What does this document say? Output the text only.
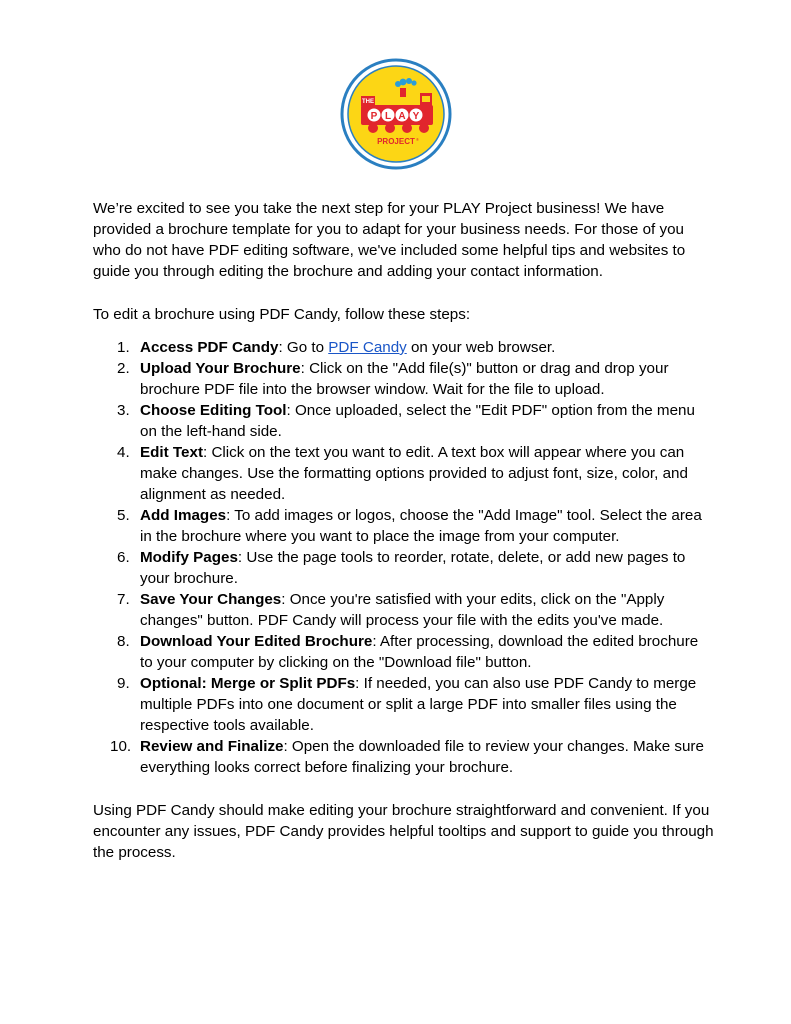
THE
P L A Y
PROJECT ®

We’re excited to see you take the next step for your PLAY Project business! We have provided a brochure template for you to adapt for your business needs. For those of you who do not have PDF editing software, we've included some helpful tips and websites to guide you through editing the brochure and adding your contact information.

To edit a brochure using PDF Candy, follow these steps:

1. Access PDF Candy: Go to PDF Candy on your web browser.
2. Upload Your Brochure: Click on the "Add file(s)" button or drag and drop your brochure PDF file into the browser window. Wait for the file to upload.
3. Choose Editing Tool: Once uploaded, select the "Edit PDF" option from the menu on the left-hand side.
4. Edit Text: Click on the text you want to edit. A text box will appear where you can make changes. Use the formatting options provided to adjust font, size, color, and alignment as needed.
5. Add Images: To add images or logos, choose the "Add Image" tool. Select the area in the brochure where you want to place the image from your computer.
6. Modify Pages: Use the page tools to reorder, rotate, delete, or add new pages to your brochure.
7. Save Your Changes: Once you're satisfied with your edits, click on the "Apply changes" button. PDF Candy will process your file with the edits you've made.
8. Download Your Edited Brochure: After processing, download the edited brochure to your computer by clicking on the "Download file" button.
9. Optional: Merge or Split PDFs: If needed, you can also use PDF Candy to merge multiple PDFs into one document or split a large PDF into smaller files using the respective tools available.
10. Review and Finalize: Open the downloaded file to review your changes. Make sure everything looks correct before finalizing your brochure.

Using PDF Candy should make editing your brochure straightforward and convenient. If you encounter any issues, PDF Candy provides helpful tooltips and support to guide you through the process.
